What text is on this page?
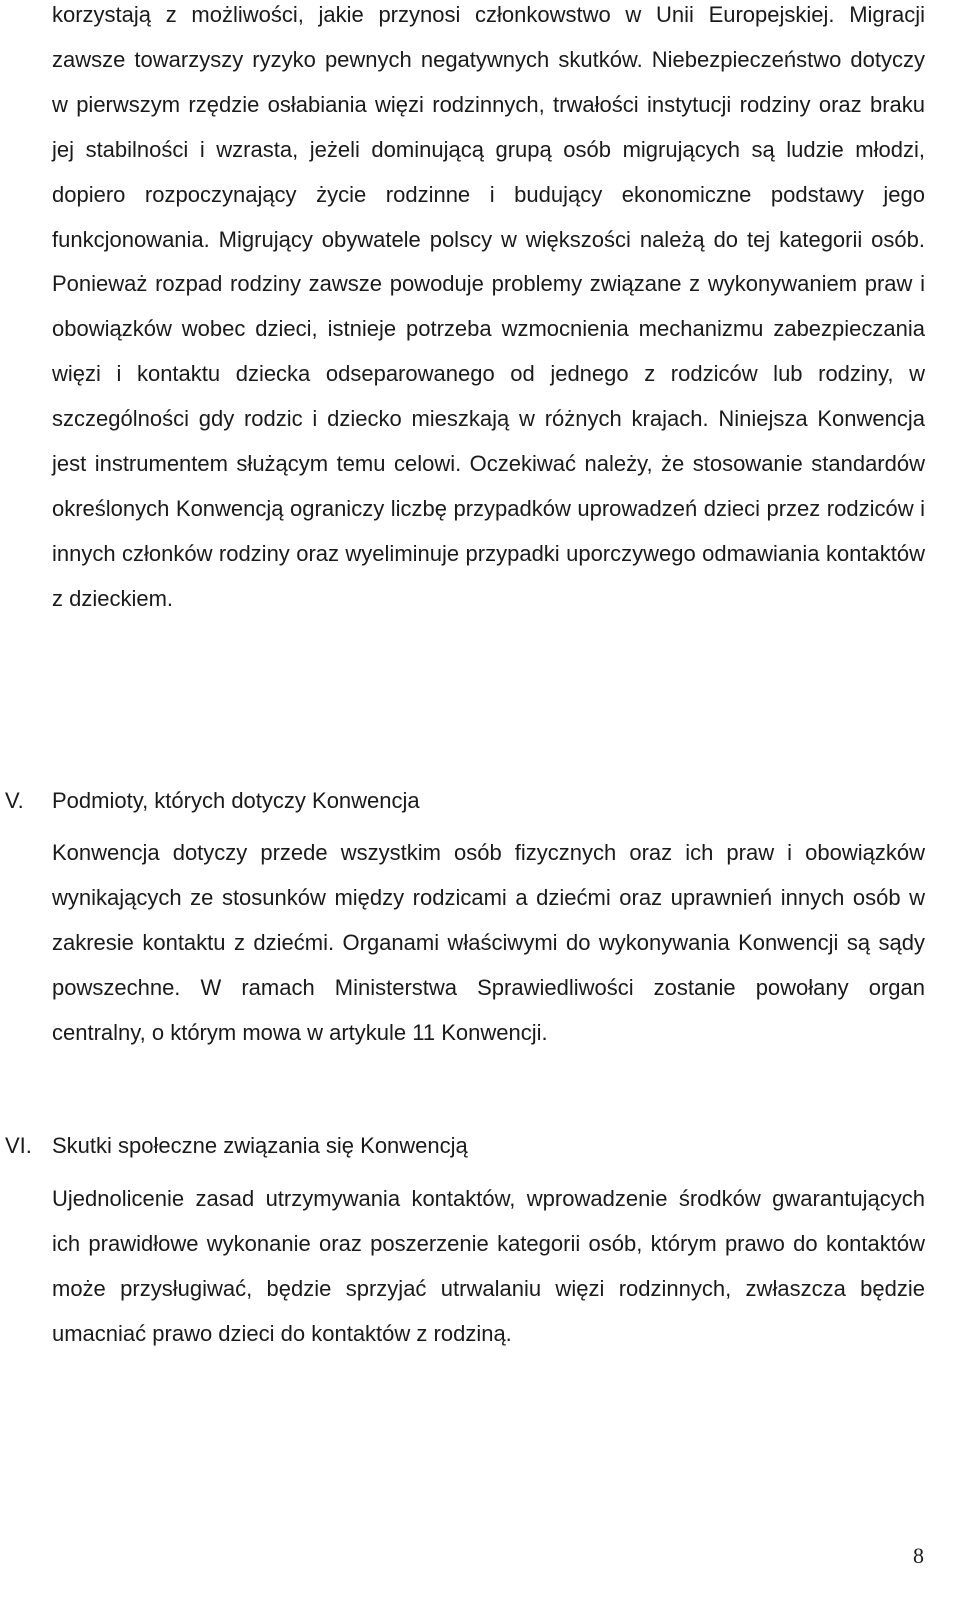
korzystają z możliwości, jakie przynosi członkowstwo w Unii Europejskiej. Migracji zawsze towarzyszy ryzyko pewnych negatywnych skutków. Niebezpieczeństwo dotyczy w pierwszym rzędzie osłabiania więzi rodzinnych, trwałości instytucji rodziny oraz braku jej stabilności i wzrasta, jeżeli dominującą grupą osób migrujących są ludzie młodzi, dopiero rozpoczynający życie rodzinne i budujący ekonomiczne podstawy jego funkcjonowania. Migrujący obywatele polscy w większości należą do tej kategorii osób. Ponieważ rozpad rodziny zawsze powoduje problemy związane z wykonywaniem praw i obowiązków wobec dzieci, istnieje potrzeba wzmocnienia mechanizmu zabezpieczania więzi i kontaktu dziecka odseparowanego od jednego z rodziców lub rodziny, w szczególności gdy rodzic i dziecko mieszkają w różnych krajach. Niniejsza Konwencja jest instrumentem służącym temu celowi. Oczekiwać należy, że stosowanie standardów określonych Konwencją ograniczy liczbę przypadków uprowadzeń dzieci przez rodziców i innych członków rodziny oraz wyeliminuje przypadki uporczywego odmawiania kontaktów z dzieckiem.

V. Podmioty, których dotyczy Konwencja

Konwencja dotyczy przede wszystkim osób fizycznych oraz ich praw i obowiązków wynikających ze stosunków między rodzicami a dziećmi oraz uprawnień innych osób w zakresie kontaktu z dziećmi. Organami właściwymi do wykonywania Konwencji są sądy powszechne. W ramach Ministerstwa Sprawiedliwości zostanie powołany organ centralny, o którym mowa w artykule 11 Konwencji.

VI. Skutki społeczne związania się Konwencją

Ujednolicenie zasad utrzymywania kontaktów, wprowadzenie środków gwarantujących ich prawidłowe wykonanie oraz poszerzenie kategorii osób, którym prawo do kontaktów może przysługiwać, będzie sprzyjać utrwalaniu więzi rodzinnych, zwłaszcza będzie umacniać prawo dzieci do kontaktów z rodziną.

8
